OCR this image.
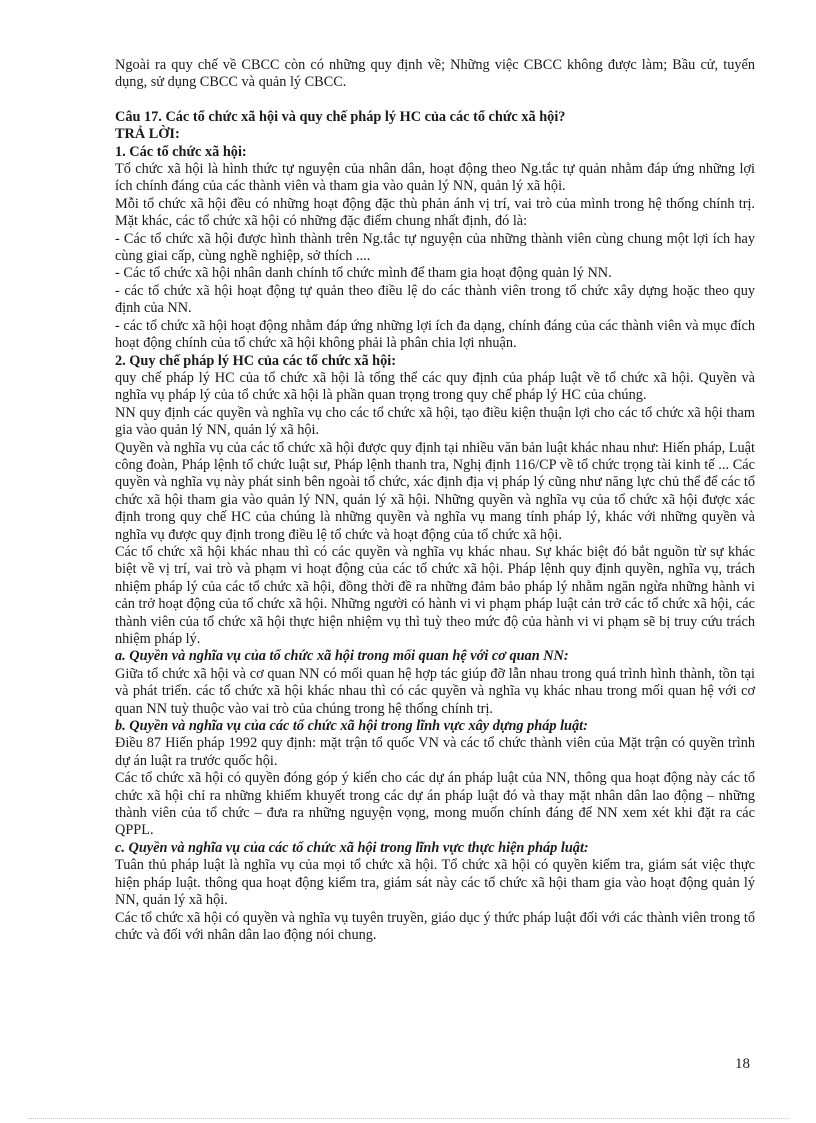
Ngoài ra quy chế về CBCC còn có những quy định về; Những việc CBCC không được làm; Bầu cử, tuyển dụng, sử dụng CBCC và quản lý CBCC.

Câu 17. Các tổ chức xã hội và quy chế pháp lý HC của các tổ chức xã hội?

TRẢ LỜI:

1. Các tổ chức xã hội:

Tổ chức xã hội là hình thức tự nguyện của nhân dân, hoạt động theo Ng.tắc tự quản nhằm đáp ứng những lợi ích chính đáng của các thành viên và tham gia vào quản lý NN, quản lý xã hội.

Mỗi tổ chức xã hội đều có những hoạt động đặc thù phản ánh vị trí, vai trò của mình trong hệ thống chính trị. Mặt khác, các tổ chức xã hội có những đặc điểm chung nhất định, đó là:

- Các tổ chức xã hội được hình thành trên Ng.tắc tự nguyện của những thành viên cùng chung một lợi ích hay cùng giai cấp, cùng nghề nghiệp, sở thích ....

- Các tổ chức xã hội nhân danh chính tổ chức mình để tham gia hoạt động quản lý NN.

- các tổ chức xã hội hoạt động tự quản theo điều lệ do các thành viên trong tổ chức xây dựng hoặc theo quy định của NN.

- các tổ chức xã hội hoạt động nhằm đáp ứng những lợi ích đa dạng, chính đáng của các thành viên và mục đích hoạt động chính của tổ chức xã hội không phải là phân chia lợi nhuận.

2. Quy chế pháp lý HC của các tổ chức xã hội:

quy chế pháp lý HC của tổ chức xã hội là tổng thể các quy định của pháp luật về tổ chức xã hội. Quyền và nghĩa vụ pháp lý của tổ chức xã hội là phần quan trọng trong quy chế pháp lý HC của chúng.

NN quy định các quyền và nghĩa vụ cho các tổ chức xã hội, tạo điều kiện thuận lợi cho các tổ chức xã hội tham gia vào quản lý NN, quản lý xã hội.

Quyền và nghĩa vụ của các tổ chức xã hội được quy định tại nhiều văn bản luật khác nhau như: Hiến pháp, Luật công đoàn, Pháp lệnh tổ chức luật sư, Pháp lệnh thanh tra, Nghị định 116/CP về tổ chức trọng tài kinh tế ... Các quyền và nghĩa vụ này phát sinh bên ngoài tổ chức, xác định địa vị pháp lý cũng như năng lực chủ thể để các tổ chức xã hội tham gia vào quản lý NN, quản lý xã hội. Những quyền và nghĩa vụ của tổ chức xã hội được xác định trong quy chế HC của chúng là những quyền và nghĩa vụ mang tính pháp lý, khác với những quyền và nghĩa vụ được quy định trong điều lệ tổ chức và hoạt động của tổ chức xã hội.

Các tổ chức xã hội khác nhau thì có các quyền và nghĩa vụ khác nhau. Sự khác biệt đó bắt nguồn từ sự khác biệt về vị trí, vai trò và phạm vi hoạt động của các tổ chức xã hội. Pháp lệnh quy định quyền, nghĩa vụ, trách nhiệm pháp lý của các tổ chức xã hội, đồng thời đề ra những đảm bảo pháp lý nhằm ngăn ngừa những hành vi cản trở hoạt động của tổ chức xã hội. Những người có hành vi vi phạm pháp luật cản trở các tổ chức xã hội, các thành viên của tổ chức xã hội thực hiện nhiệm vụ thì tuỳ theo mức độ của hành vi vi phạm sẽ bị truy cứu trách nhiệm pháp lý.

a. Quyền và nghĩa vụ của tổ chức xã hội trong mối quan hệ với cơ quan NN:

Giữa tổ chức xã hội và cơ quan NN có mối quan hệ hợp tác giúp đỡ lẫn nhau trong quá trình hình thành, tồn tại và phát triển. các tổ chức xã hội khác nhau thì có các quyền và nghĩa vụ khác nhau trong mối quan hệ với cơ quan NN tuỳ thuộc vào vai trò của chúng trong hệ thống chính trị.

b. Quyền và nghĩa vụ của các tổ chức xã hội trong lĩnh vực xây dựng pháp luật:

Điều 87 Hiến pháp 1992 quy định: mặt trận tổ quốc VN và các tổ chức thành viên của Mặt trận có quyền trình dự án luật ra trước quốc hội.

Các tổ chức xã hội có quyền đóng góp ý kiến cho các dự án pháp luật của NN, thông qua hoạt động này các tổ chức xã hội chỉ ra những khiếm khuyết trong các dự án pháp luật đó và thay mặt nhân dân lao động – những thành viên của tổ chức – đưa ra những nguyện vọng, mong muốn chính đáng để NN xem xét khi đặt ra các QPPL.

c. Quyền và nghĩa vụ của các tổ chức xã hội trong lĩnh vực thực hiện pháp luật:

Tuân thủ pháp luật là nghĩa vụ của mọi tổ chức xã hội. Tổ chức xã hội có quyền kiểm tra, giám sát việc thực hiện pháp luật. thông qua hoạt động kiểm tra, giám sát này các tổ chức xã hội tham gia vào hoạt động quản lý NN, quản lý xã hội.

Các tổ chức xã hội có quyền và nghĩa vụ tuyên truyền, giáo dục ý thức pháp luật đối với các thành viên trong tổ chức và đối với nhân dân lao động nói chung.

18
